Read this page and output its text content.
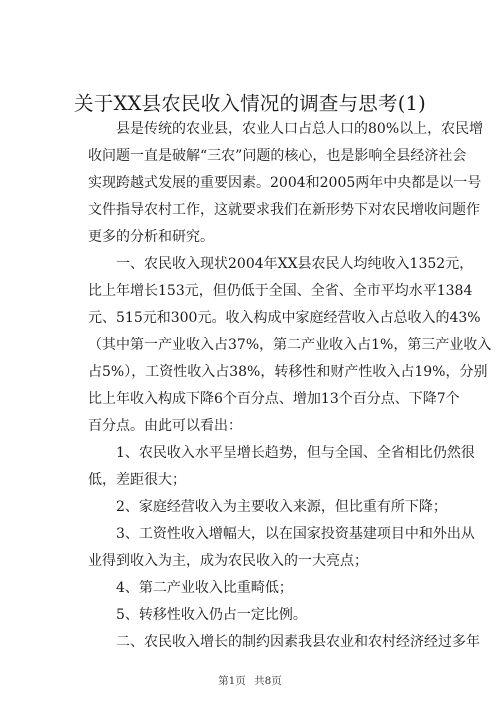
关于XX县农民收入情况的调查与思考(1)
县是传统的农业县，农业人口占总人口的80%以上，农民增
收问题一直是破解“三农”问题的核心，也是影响全县经济社会
实现跨越式发展的重要因素。2004和2005两年中央都是以一号
文件指导农村工作，这就要求我们在新形势下对农民增收问题作
更多的分析和研究。
一、农民收入现状2004年XX县农民人均纯收入1352元，
比上年增长153元，但仍低于全国、全省、全市平均水平1384
元、515元和300元。收入构成中家庭经营收入占总收入的43%
（其中第一产业收入占37%，第二产业收入占1%，第三产业收入
占5%），工资性收入占38%，转移性和财产性收入占19%，分别
比上年收入构成下降6个百分点、增加13个百分点、下降7个
百分点。由此可以看出：
1、农民收入水平呈增长趋势，但与全国、全省相比仍然很
低，差距很大；
2、家庭经营收入为主要收入来源，但比重有所下降；
3、工资性收入增幅大，以在国家投资基建项目中和外出从
业得到收入为主，成为农民收入的一大亮点；
4、第二产业收入比重畸低；
5、转移性收入仍占一定比例。
二、农民收入增长的制约因素我县农业和农村经济经过多年
第1页 共8页
